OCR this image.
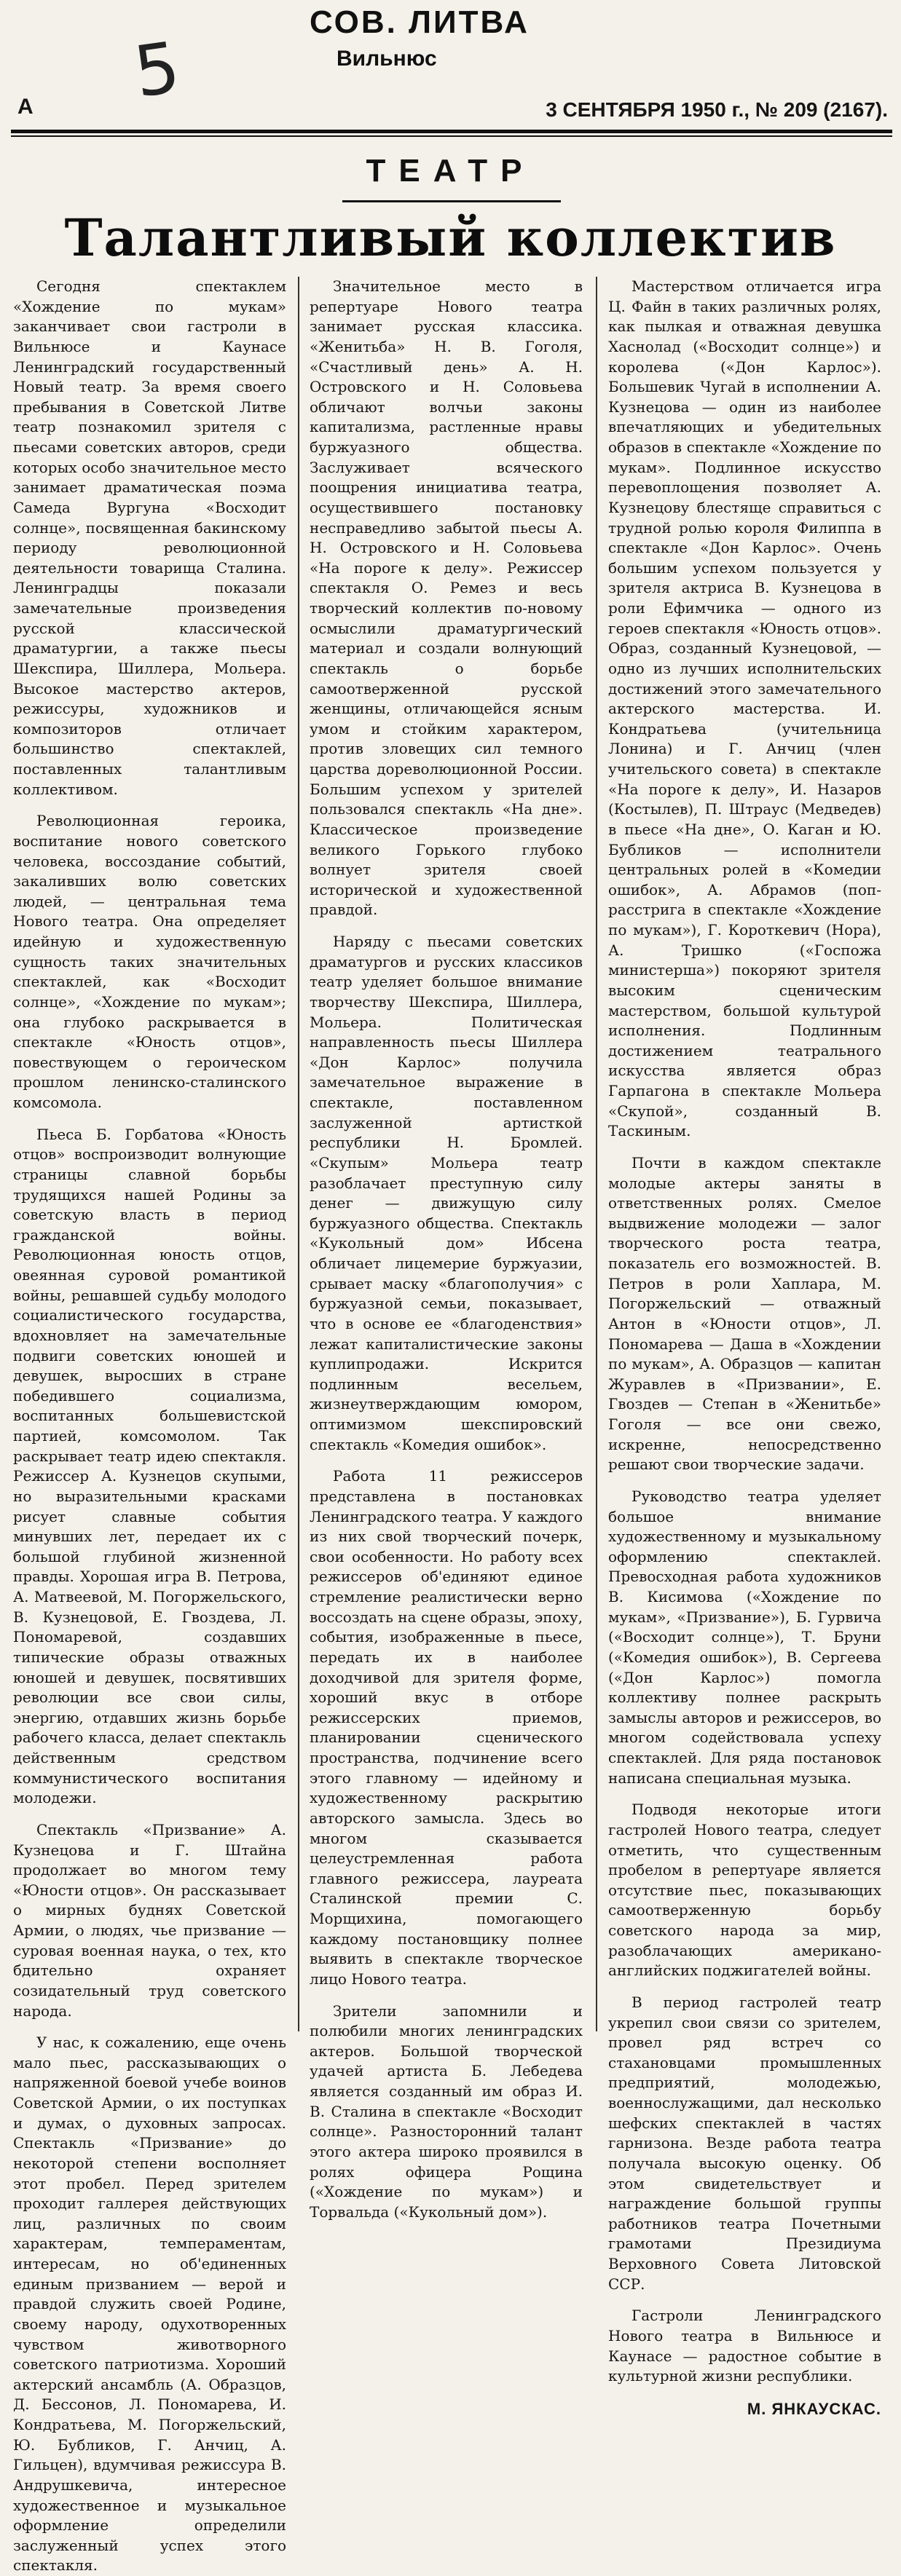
СОВ. ЛИТВА
Вильнюс
5
А	3 СЕНТЯБРЯ 1950 г., № 209 (2167).
ТЕАТР
Талантливый коллектив

Сегодня спектаклем «Хождение по мукам» заканчивает свои гастроли в Вильнюсе и Каунасе Ленинградский государственный Новый театр. За время своего пребывания в Советской Литве театр познакомил зрителя с пьесами советских авторов, среди которых особо значительное место занимает драматическая поэма Самеда Вургуна «Восходит солнце», посвященная бакинскому периоду революционной деятельности товарища Сталина. Ленинградцы показали замечательные произведения русской классической драматургии, а также пьесы Шекспира, Шиллера, Мольера. Высокое мастерство актеров, режиссуры, художников и композиторов отличает большинство спектаклей, поставленных талантливым коллективом.

Революционная героика, воспитание нового советского человека, воссоздание событий, закаливших волю советских людей, — центральная тема Нового театра. Она определяет идейную и художественную сущность таких значительных спектаклей, как «Восходит солнце», «Хождение по мукам»; она глубоко раскрывается в спектакле «Юность отцов», повествующем о героическом прошлом ленинско-сталинского комсомола.

Пьеса Б. Горбатова «Юность отцов» воспроизводит волнующие страницы славной борьбы трудящихся нашей Родины за советскую власть в период гражданской войны. Революционная юность отцов, овеянная суровой романтикой войны, решавшей судьбу молодого социалистического государства, вдохновляет на замечательные подвиги советских юношей и девушек, выросших в стране победившего социализма, воспитанных большевистской партией, комсомолом. Так раскрывает театр идею спектакля. Режиссер А. Кузнецов скупыми, но выразительными красками рисует славные события минувших лет, передает их с большой глубиной жизненной правды. Хорошая игра В. Петрова, А. Матвеевой, М. Погоржельского, В. Кузнецовой, Е. Гвоздева, Л. Пономаревой, создавших типические образы отважных юношей и девушек, посвятивших революции все свои силы, энергию, отдавших жизнь борьбе рабочего класса, делает спектакль действенным средством коммунистического воспитания молодежи.

Спектакль «Призвание» А. Кузнецова и Г. Штайна продолжает во многом тему «Юности отцов». Он рассказывает о мирных буднях Советской Армии, о людях, чье призвание — суровая военная наука, о тех, кто бдительно охраняет созидательный труд советского народа.

У нас, к сожалению, еще очень мало пьес, рассказывающих о напряженной боевой учебе воинов Советской Армии, о их поступках и думах, о духовных запросах. Спектакль «Призвание» до некоторой степени восполняет этот пробел. Перед зрителем проходит галлерея действующих лиц, различных по своим характерам, темпераментам, интересам, но об'единенных единым призванием — верой и правдой служить своей Родине, своему народу, одухотворенных чувством животворного советского патриотизма. Хороший актерский ансамбль (А. Образцов, Д. Бессонов, Л. Пономарева, И. Кондратьева, М. Погоржельский, Ю. Бубликов, Г. Анчиц, А. Гильцен), вдумчивая режиссура В. Андрушкевича, интересное художественное и музыкальное оформление определили заслуженный успех этого спектакля.

Значительное место в репертуаре Нового театра занимает русская классика. «Женитьба» Н. В. Гоголя, «Счастливый день» А. Н. Островского и Н. Соловьева обличают волчьи законы капитализма, растленные нравы буржуазного общества. Заслуживает всяческого поощрения инициатива театра, осуществившего постановку несправедливо забытой пьесы А. Н. Островского и Н. Соловьева «На пороге к делу». Режиссер спектакля О. Ремез и весь творческий коллектив по-новому осмыслили драматургический материал и создали волнующий спектакль о борьбе самоотверженной русской женщины, отличающейся ясным умом и стойким характером, против зловещих сил темного царства дореволюционной России. Большим успехом у зрителей пользовался спектакль «На дне». Классическое произведение великого Горького глубоко волнует зрителя своей исторической и художественной правдой.

Наряду с пьесами советских драматургов и русских классиков театр уделяет большое внимание творчеству Шекспира, Шиллера, Мольера. Политическая направленность пьесы Шиллера «Дон Карлос» получила замечательное выражение в спектакле, поставленном заслуженной артисткой республики Н. Бромлей. «Скупым» Мольера театр разоблачает преступную силу денег — движущую силу буржуазного общества. Спектакль «Кукольный дом» Ибсена обличает лицемерие буржуазии, срывает маску «благополучия» с буржуазной семьи, показывает, что в основе ее «благоденствия» лежат капиталистические законы куплипродажи. Искрится подлинным весельем, жизнеутверждающим юмором, оптимизмом шекспировский спектакль «Комедия ошибок».

Работа 11 режиссеров представлена в постановках Ленинградского театра. У каждого из них свой творческий почерк, свои особенности. Но работу всех режиссеров об'единяют единое стремление реалистически верно воссоздать на сцене образы, эпоху, события, изображенные в пьесе, передать их в наиболее доходчивой для зрителя форме, хороший вкус в отборе режиссерских приемов, планировании сценического пространства, подчинение всего этого главному — идейному и художественному раскрытию авторского замысла. Здесь во многом сказывается целеустремленная работа главного режиссера, лауреата Сталинской премии С. Морщихина, помогающего каждому постановщику полнее выявить в спектакле творческое лицо Нового театра.

Зрители запомнили и полюбили многих ленинградских актеров. Большой творческой удачей артиста Б. Лебедева является созданный им образ И. В. Сталина в спектакле «Восходит солнце». Разносторонний талант этого актера широко проявился в ролях офицера Рощина («Хождение по мукам») и Торвальда («Кукольный дом»).

Мастерством отличается игра Ц. Файн в таких различных ролях, как пылкая и отважная девушка Хаснолад («Восходит солнце») и королева («Дон Карлос»). Большевик Чугай в исполнении А. Кузнецова — один из наиболее впечатляющих и убедительных образов в спектакле «Хождение по мукам». Подлинное искусство перевоплощения позволяет А. Кузнецову блестяще справиться с трудной ролью короля Филиппа в спектакле «Дон Карлос». Очень большим успехом пользуется у зрителя актриса В. Кузнецова в роли Ефимчика — одного из героев спектакля «Юность отцов». Образ, созданный Кузнецовой, — одно из лучших исполнительских достижений этого замечательного актерского мастерства. И. Кондратьева (учительница Лонина) и Г. Анчиц (член учительского совета) в спектакле «На пороге к делу», И. Назаров (Костылев), П. Штраус (Медведев) в пьесе «На дне», О. Каган и Ю. Бубликов — исполнители центральных ролей в «Комедии ошибок», А. Абрамов (поп-расстрига в спектакле «Хождение по мукам»), Г. Короткевич (Нора), А. Тришко («Госпожа министерша») покоряют зрителя высоким сценическим мастерством, большой культурой исполнения. Подлинным достижением театрального искусства является образ Гарпагона в спектакле Мольера «Скупой», созданный В. Таскиным.

Почти в каждом спектакле молодые актеры заняты в ответственных ролях. Смелое выдвижение молодежи — залог творческого роста театра, показатель его возможностей. В. Петров в роли Хаплара, М. Погоржельский — отважный Антон в «Юности отцов», Л. Пономарева — Даша в «Хождении по мукам», А. Образцов — капитан Журавлев в «Призвании», Е. Гвоздев — Степан в «Женитьбе» Гоголя — все они свежо, искренне, непосредственно решают свои творческие задачи.

Руководство театра уделяет большое внимание художественному и музыкальному оформлению спектаклей. Превосходная работа художников В. Кисимова («Хождение по мукам», «Призвание»), Б. Гурвича («Восходит солнце»), Т. Бруни («Комедия ошибок»), В. Сергеева («Дон Карлос») помогла коллективу полнее раскрыть замыслы авторов и режиссеров, во многом содействовала успеху спектаклей. Для ряда постановок написана специальная музыка.

Подводя некоторые итоги гастролей Нового театра, следует отметить, что существенным пробелом в репертуаре является отсутствие пьес, показывающих самоотверженную борьбу советского народа за мир, разоблачающих американо-английских поджигателей войны.

В период гастролей театр укрепил свои связи со зрителем, провел ряд встреч со стахановцами промышленных предприятий, молодежью, военнослужащими, дал несколько шефских спектаклей в частях гарнизона. Везде работа театра получала высокую оценку. Об этом свидетельствует и награждение большой группы работников театра Почетными грамотами Президиума Верховного Совета Литовской ССР.

Гастроли Ленинградского Нового театра в Вильнюсе и Каунасе — радостное событие в культурной жизни республики.

М. ЯНКАУСКАС.
